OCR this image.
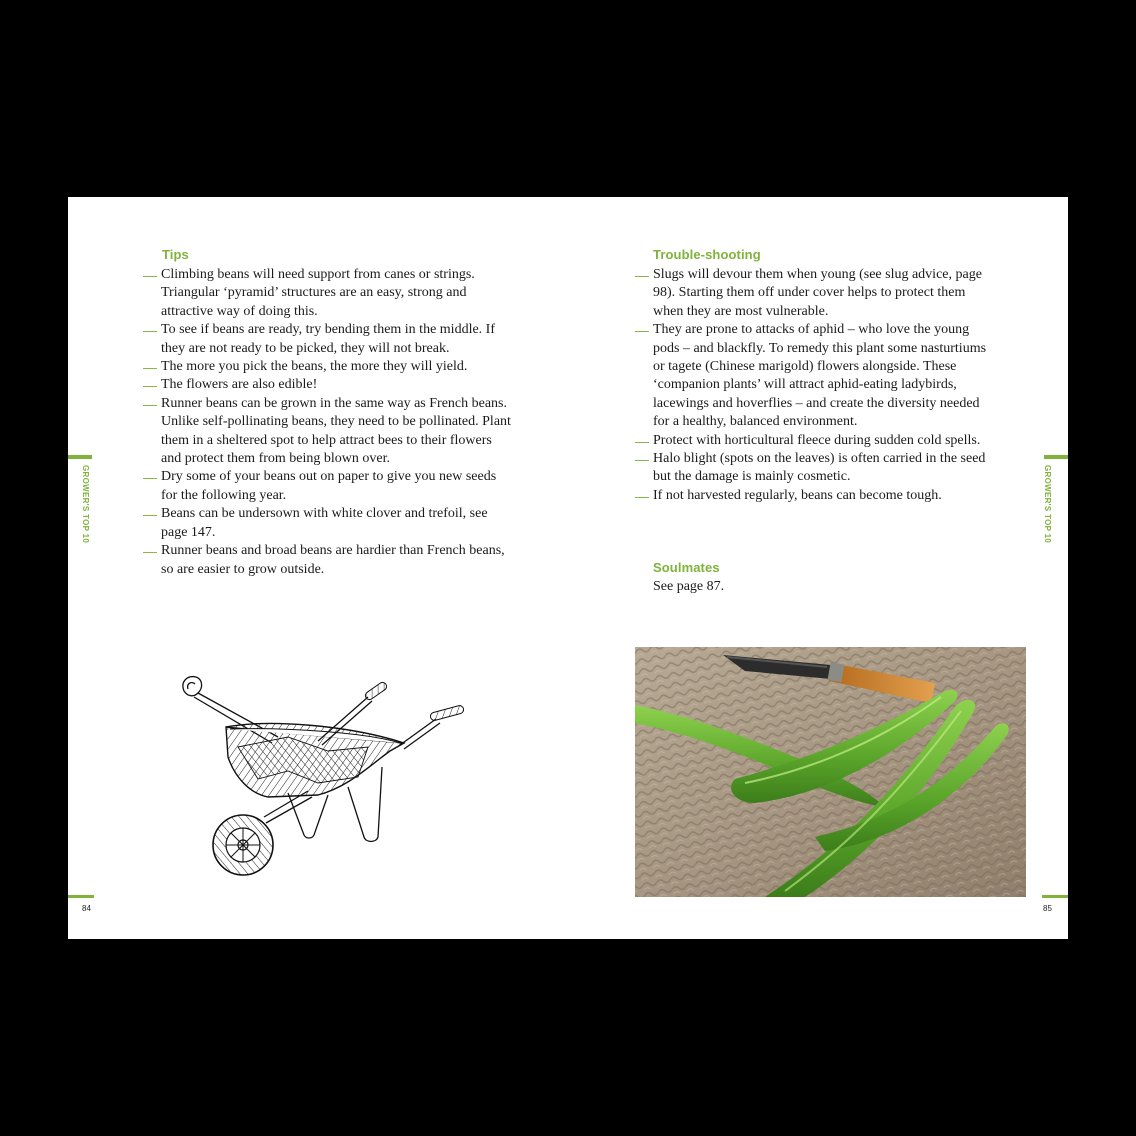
Tips
— Climbing beans will need support from canes or strings. Triangular ‘pyramid’ structures are an easy, strong and attractive way of doing this.
— To see if beans are ready, try bending them in the middle. If they are not ready to be picked, they will not break.
— The more you pick the beans, the more they will yield.
— The flowers are also edible!
— Runner beans can be grown in the same way as French beans. Unlike self-pollinating beans, they need to be pollinated. Plant them in a sheltered spot to help attract bees to their flowers and protect them from being blown over.
— Dry some of your beans out on paper to give you new seeds for the following year.
— Beans can be undersown with white clover and trefoil, see page 147.
— Runner beans and broad beans are hardier than French beans, so are easier to grow outside.
GROWER'S TOP 10
84
Trouble-shooting
— Slugs will devour them when young (see slug advice, page 98). Starting them off under cover helps to protect them when they are most vulnerable.
— They are prone to attacks of aphid – who love the young pods – and blackfly. To remedy this plant some nasturtiums or tagete (Chinese marigold) flowers alongside. These ‘companion plants’ will attract aphid-eating ladybirds, lacewings and hoverflies – and create the diversity needed for a healthy, balanced environment.
— Protect with horticultural fleece during sudden cold spells.
— Halo blight (spots on the leaves) is often carried in the seed but the damage is mainly cosmetic.
— If not harvested regularly, beans can become tough.
Soulmates
See page 87.
GROWER'S TOP 10
85
